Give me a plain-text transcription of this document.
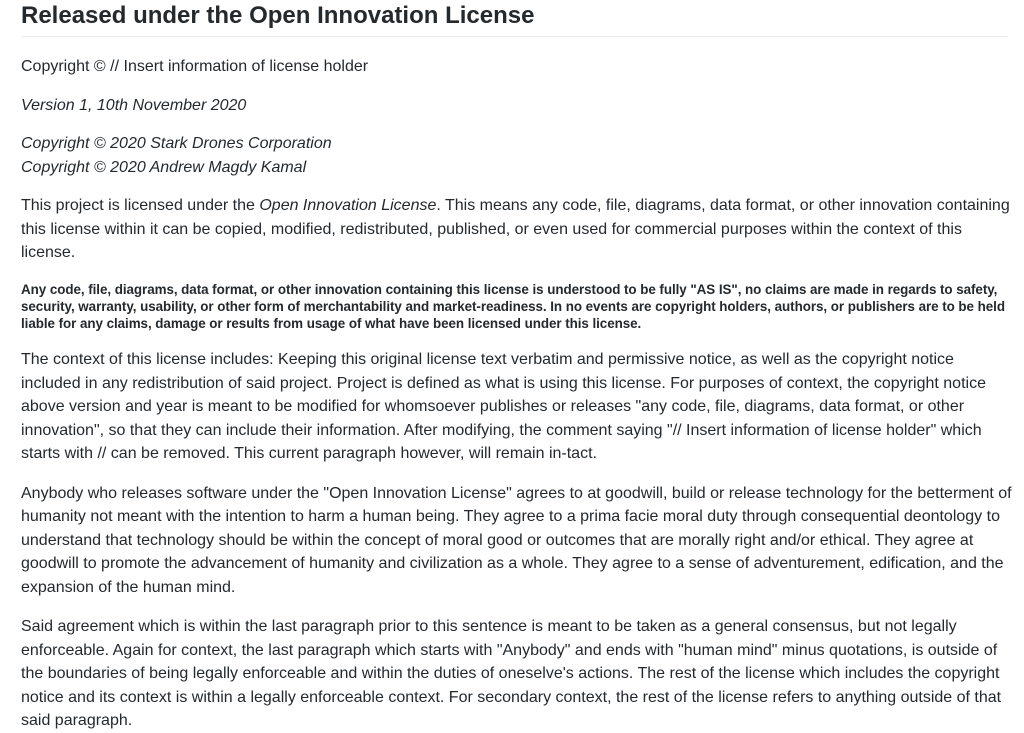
Released under the Open Innovation License

Copyright © // Insert information of license holder

Version 1, 10th November 2020

Copyright © 2020 Stark Drones Corporation
Copyright © 2020 Andrew Magdy Kamal

This project is licensed under the Open Innovation License. This means any code, file, diagrams, data format, or other innovation containing this license within it can be copied, modified, redistributed, published, or even used for commercial purposes within the context of this license.

Any code, file, diagrams, data format, or other innovation containing this license is understood to be fully "AS IS", no claims are made in regards to safety, security, warranty, usability, or other form of merchantability and market-readiness. In no events are copyright holders, authors, or publishers are to be held liable for any claims, damage or results from usage of what have been licensed under this license.

The context of this license includes: Keeping this original license text verbatim and permissive notice, as well as the copyright notice included in any redistribution of said project. Project is defined as what is using this license. For purposes of context, the copyright notice above version and year is meant to be modified for whomsoever publishes or releases "any code, file, diagrams, data format, or other innovation", so that they can include their information. After modifying, the comment saying "// Insert information of license holder" which starts with // can be removed. This current paragraph however, will remain in-tact.

Anybody who releases software under the "Open Innovation License" agrees to at goodwill, build or release technology for the betterment of humanity not meant with the intention to harm a human being. They agree to a prima facie moral duty through consequential deontology to understand that technology should be within the concept of moral good or outcomes that are morally right and/or ethical. They agree at goodwill to promote the advancement of humanity and civilization as a whole. They agree to a sense of adventurement, edification, and the expansion of the human mind.

Said agreement which is within the last paragraph prior to this sentence is meant to be taken as a general consensus, but not legally enforceable. Again for context, the last paragraph which starts with "Anybody" and ends with "human mind" minus quotations, is outside of the boundaries of being legally enforceable and within the duties of oneselve's actions. The rest of the license which includes the copyright notice and its context is within a legally enforceable context. For secondary context, the rest of the license refers to anything outside of that said paragraph.
